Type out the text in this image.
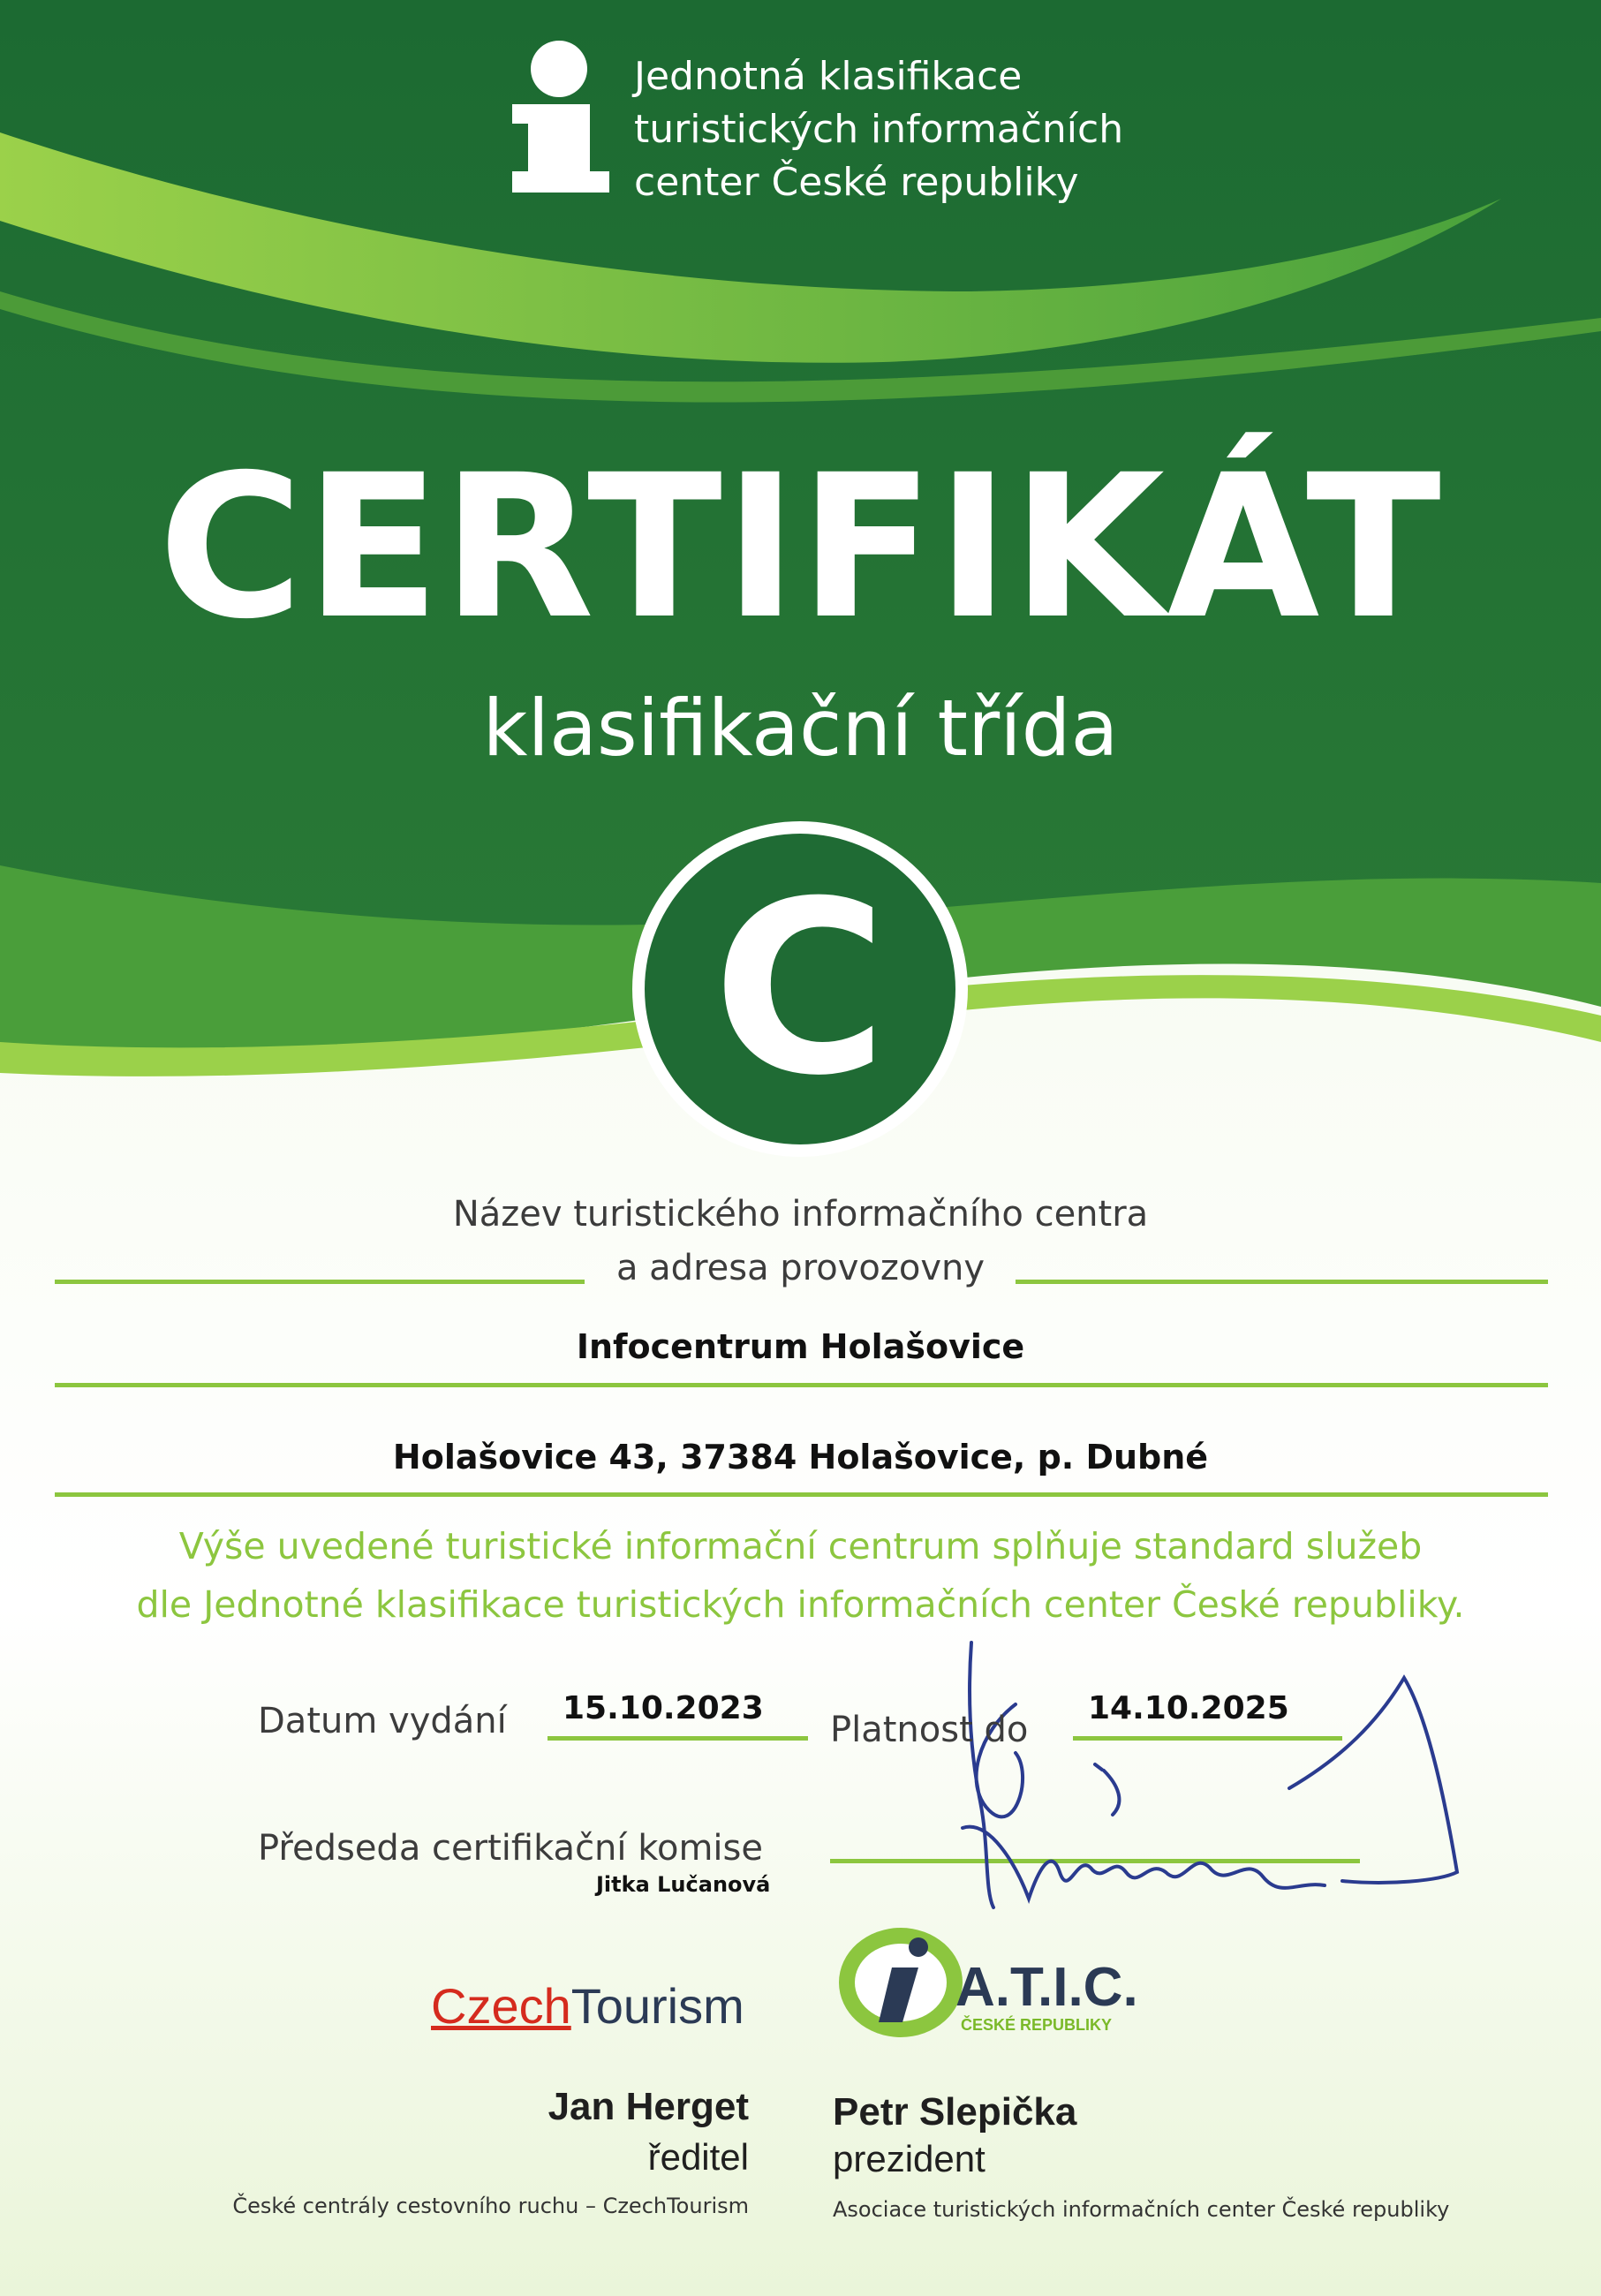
Jednotná klasifikace
turistických informačních
center České republiky
CERTIFIKÁT
klasifikační třída
C
Název turistického informačního centra
a adresa provozovny
Infocentrum Holašovice
Holašovice 43, 37384 Holašovice, p. Dubné
Výše uvedené turistické informační centrum splňuje standard služeb
dle Jednotné klasifikace turistických informačních center České republiky.
Datum vydání 15.10.2023
Platnost do
14.10.2025
Předseda certifikační komise
Jitka Lučanová
CzechTourism	A.T.I.C.
ČESKÉ REPUBLIKY
Jan Herget
ředitel
České centrály cestovního ruchu – CzechTourism
Petr Slepička
prezident
Asociace turistických informačních center České republiky
